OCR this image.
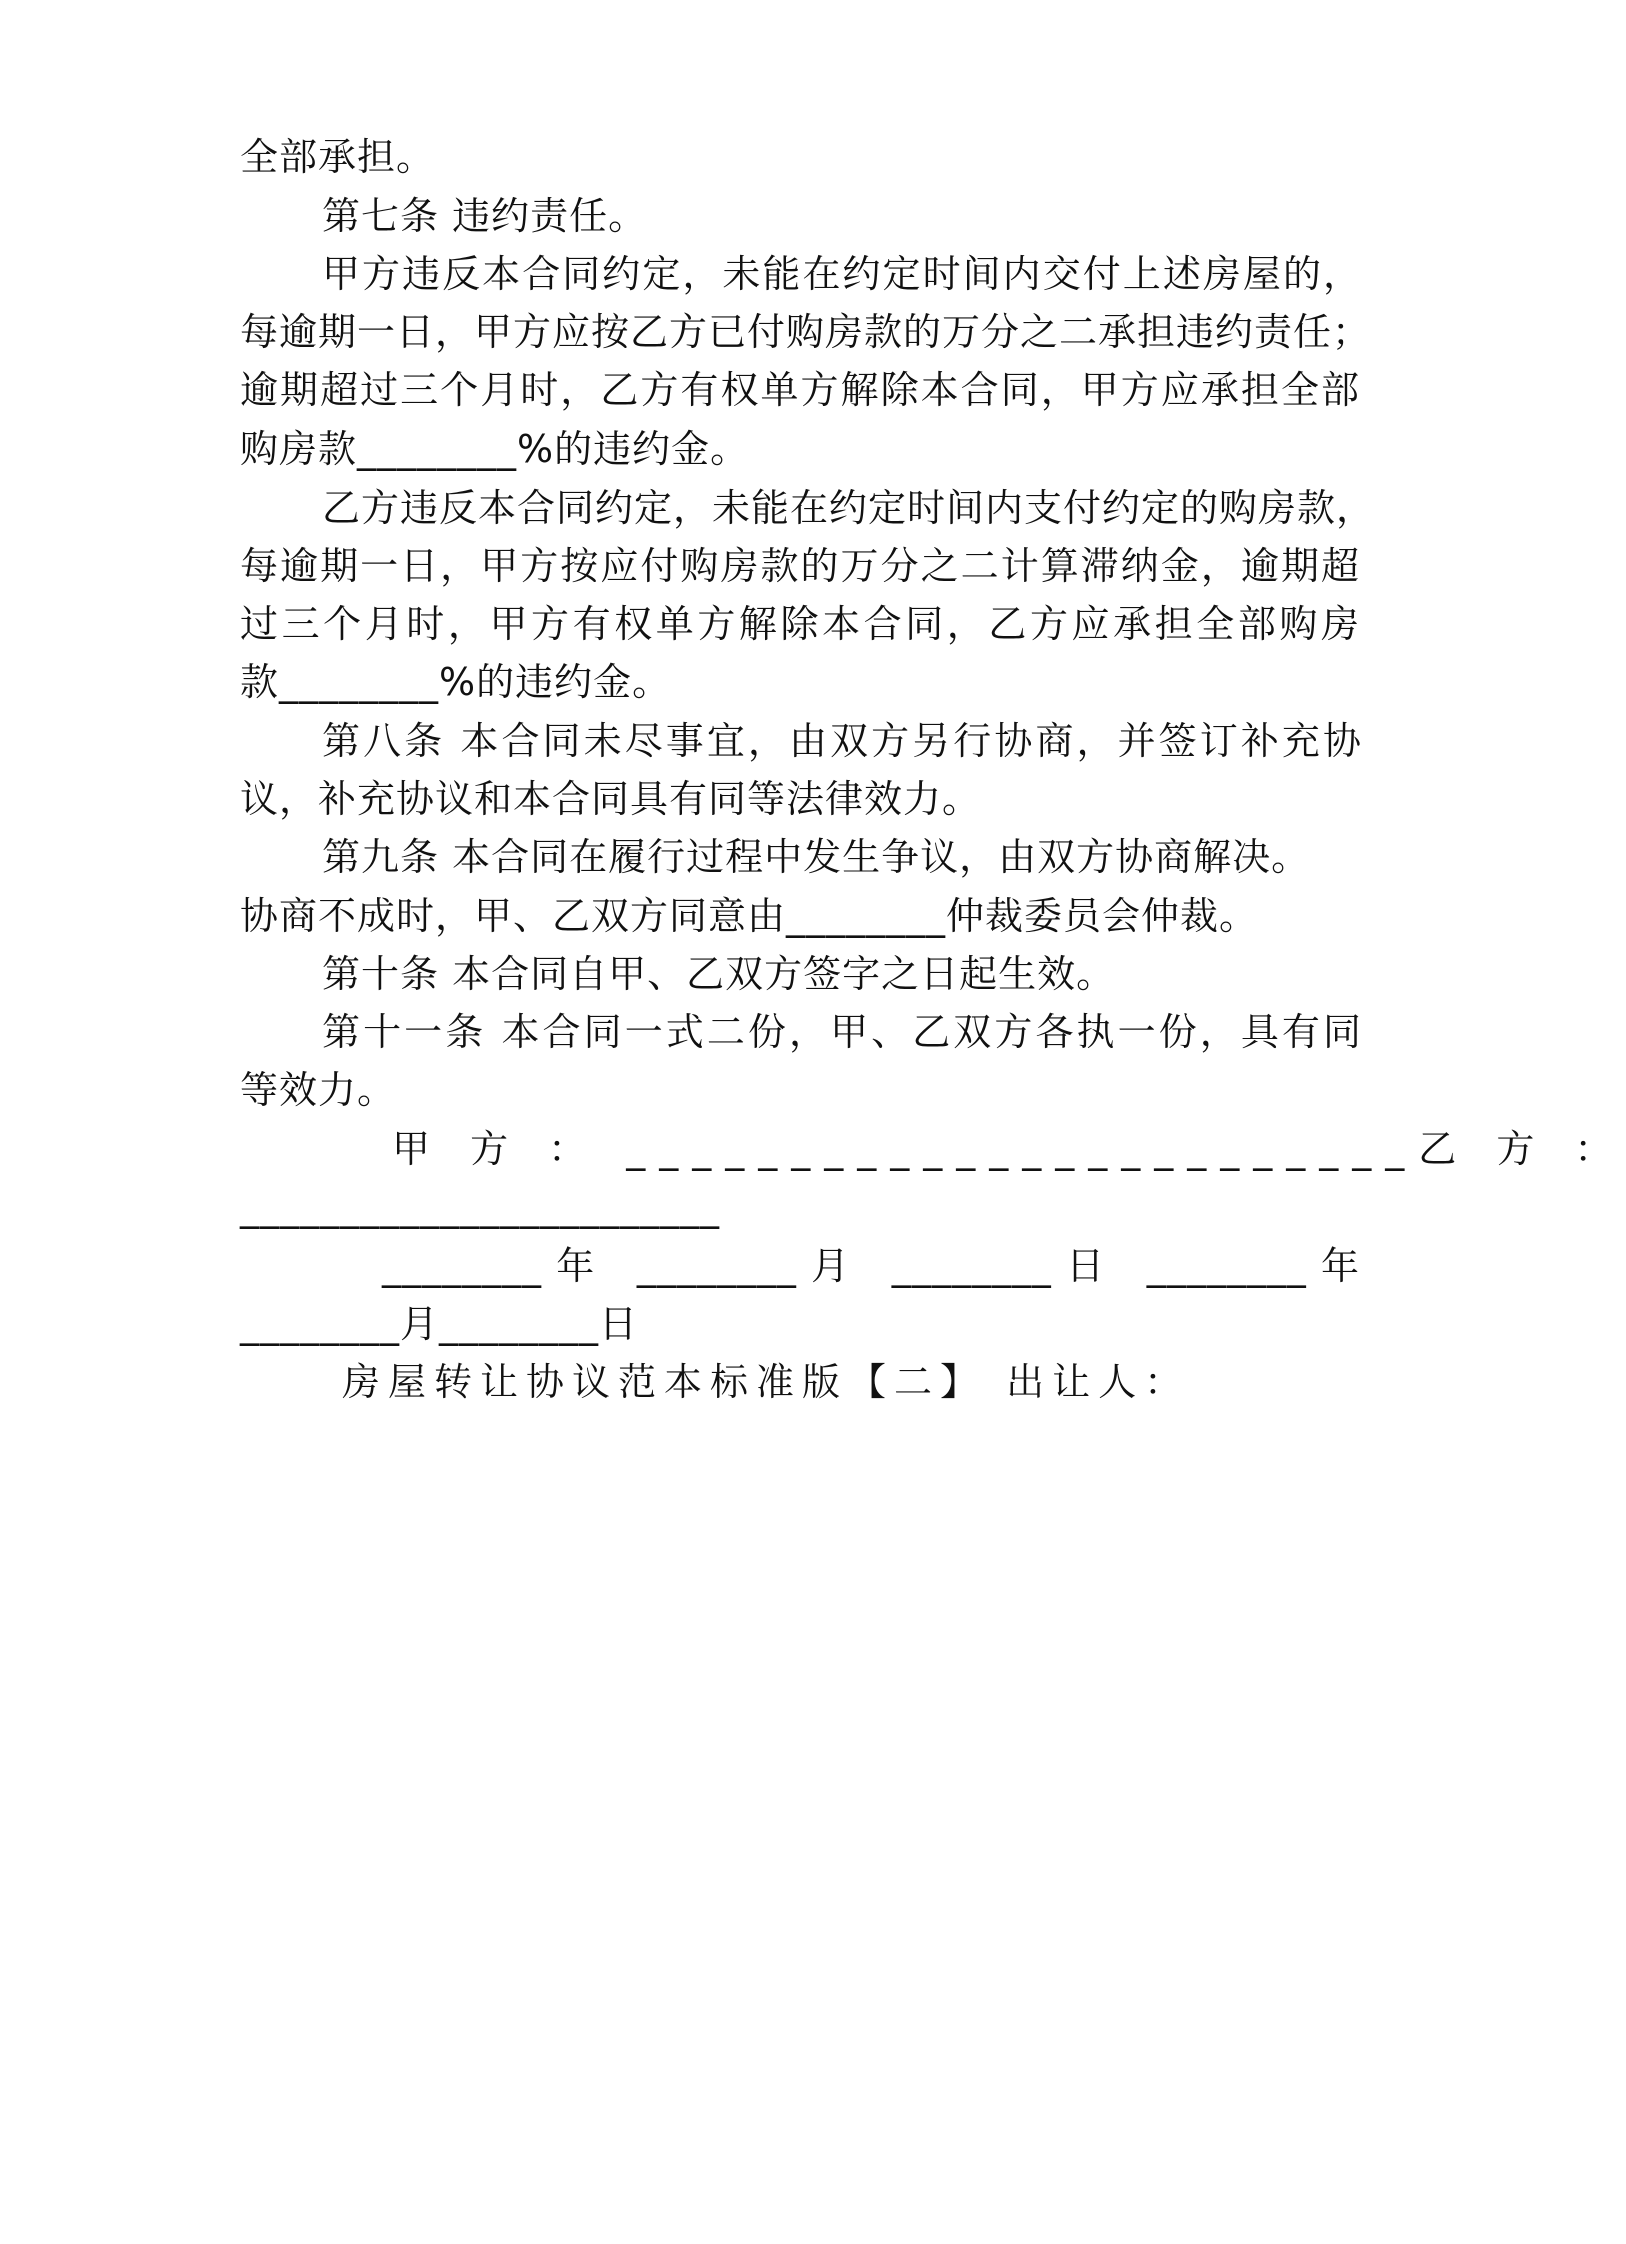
全部承担。
第七条 违约责任。
甲方违反本合同约定，未能在约定时间内交付上述房屋的，
每逾期一日，甲方应按乙方已付购房款的万分之二承担违约责任；
逾期超过三个月时，乙方有权单方解除本合同，甲方应承担全部
购房款________%的违约金。
乙方违反本合同约定，未能在约定时间内支付约定的购房款，
每逾期一日，甲方按应付购房款的万分之二计算滞纳金，逾期超
过三个月时，甲方有权单方解除本合同，乙方应承担全部购房
款________%的违约金。
第八条 本合同未尽事宜，由双方另行协商，并签订补充协
议，补充协议和本合同具有同等法律效力。
第九条 本合同在履行过程中发生争议，由双方协商解决。
协商不成时，甲、乙双方同意由________仲裁委员会仲裁。
第十条 本合同自甲、乙双方签字之日起生效。
第十一条 本合同一式二份，甲、乙双方各执一份，具有同
等效力。
甲 方 ： ________________________乙 方 ：
________________________
________年 ________月 ________日 ________年
________月________日
房屋转让协议范本标准版【二】 出让人：
